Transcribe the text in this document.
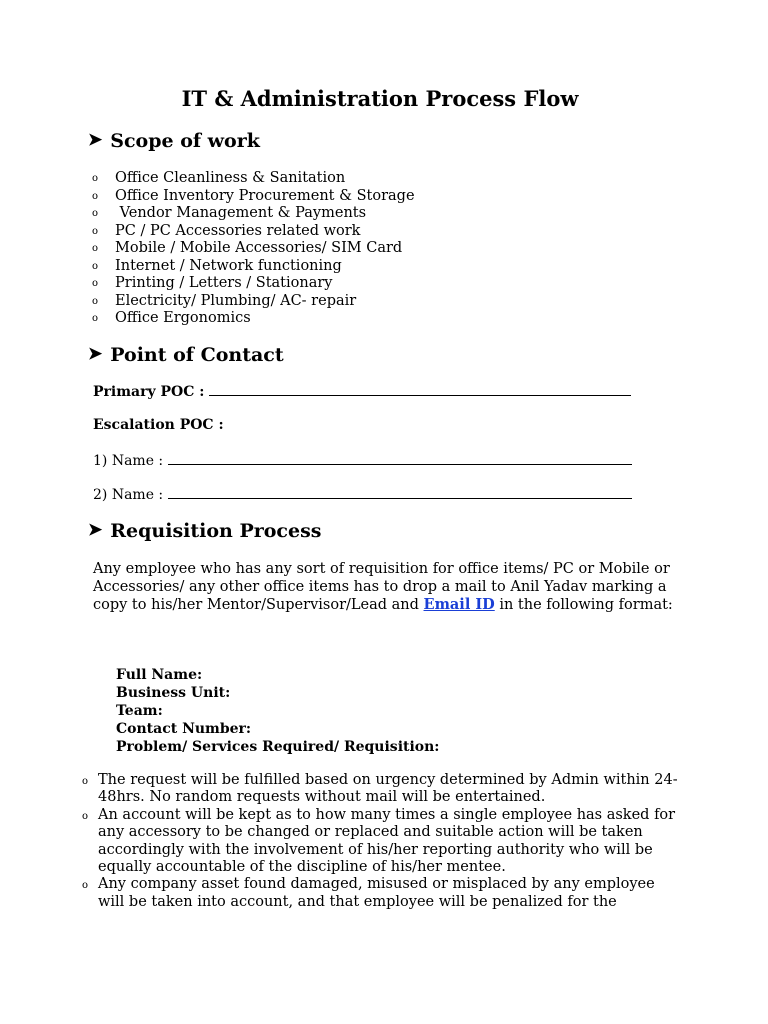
IT & Administration Process Flow
➤ Scope of work
o	Office Cleanliness & Sanitation
o	Office Inventory Procurement & Storage
o	Vendor Management & Payments
o	PC / PC Accessories related work
o	Mobile / Mobile Accessories/ SIM Card
o	Internet / Network functioning
o	Printing / Letters / Stationary
o	Electricity/ Plumbing/ AC- repair
o	Office Ergonomics
➤ Point of Contact
Primary POC :
Escalation POC :
1) Name :
2) Name :
➤ Requisition Process
Any employee who has any sort of requisition for office items/ PC or Mobile or Accessories/ any other office items has to drop a mail to Anil Yadav marking a copy to his/her Mentor/Supervisor/Lead and Email ID in the following format:
Full Name:
Business Unit:
Team:
Contact Number:
Problem/ Services Required/ Requisition:
o The request will be fulfilled based on urgency determined by Admin within 24-48hrs. No random requests without mail will be entertained.
o An account will be kept as to how many times a single employee has asked for any accessory to be changed or replaced and suitable action will be taken accordingly with the involvement of his/her reporting authority who will be equally accountable of the discipline of his/her mentee.
o Any company asset found damaged, misused or misplaced by any employee will be taken into account, and that employee will be penalized for the
